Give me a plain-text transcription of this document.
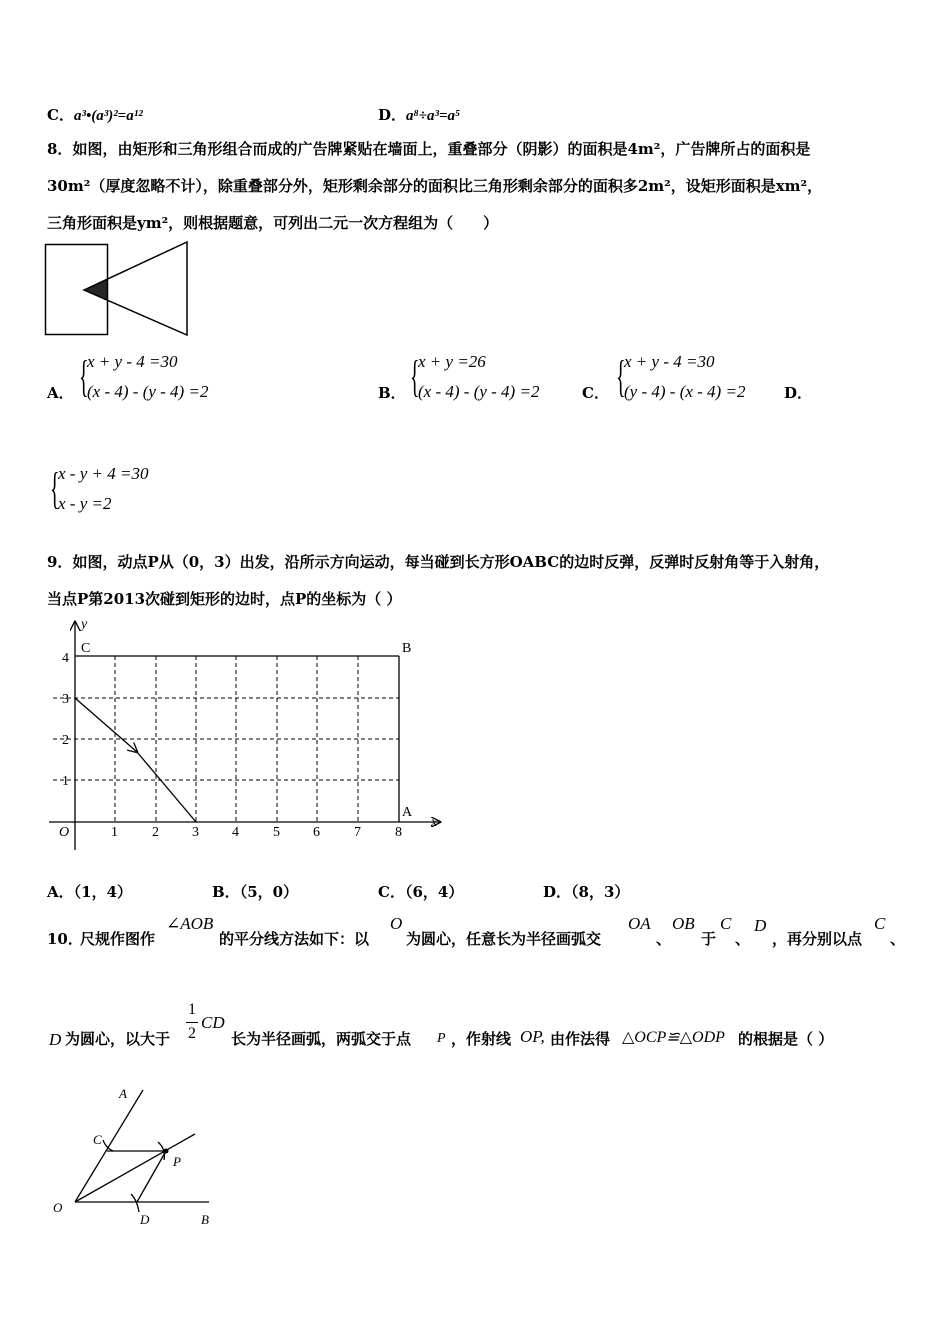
C．a³•(a³)²=a¹²	D．a⁸÷a³=a⁵
8．如图，由矩形和三角形组合而成的广告牌紧贴在墙面上，重叠部分（阴影）的面积是4m²，广告牌所占的面积是
30m²（厚度忽略不计），除重叠部分外，矩形剩余部分的面积比三角形剩余部分的面积多2m²，设矩形面积是xm²，
三角形面积是ym²，则根据题意，可列出二元一次方程组为（　　）
A． {
x + y - 4 =30
(x - 4) - (y - 4) =2	B． {
x + y =26
(x - 4) - (y - 4) =2	C． {
x + y - 4 =30
(y - 4) - (x - 4) =2	D．
{
x - y + 4 =30
x - y =2
9．如图，动点P从（0，3）出发，沿所示方向运动，每当碰到长方形OABC的边时反弹，反弹时反射角等于入射角，
当点P第2013次碰到矩形的边时，点P的坐标为（ ）
y
x
O
C	B
A
1 2 3 4 5 6 7 8
1
2
3
4
A．（1，4）	B．（5，0）	C．（6，4）	D．（8，3）
10．
尺规作图作
∠AOB
的平分线方法如下：以
O
为圆心，任意长为半径画弧交
OA
、
OB
于
C
、
D
，再分别以点
C
、
D 为圆心，以大于
1
2
CD
长为半径画弧，两弧交于点 P ，作射线 OP, 由作法得 △OCP≌△ODP 的根据是（ ）
A
C
P
O
D	B
